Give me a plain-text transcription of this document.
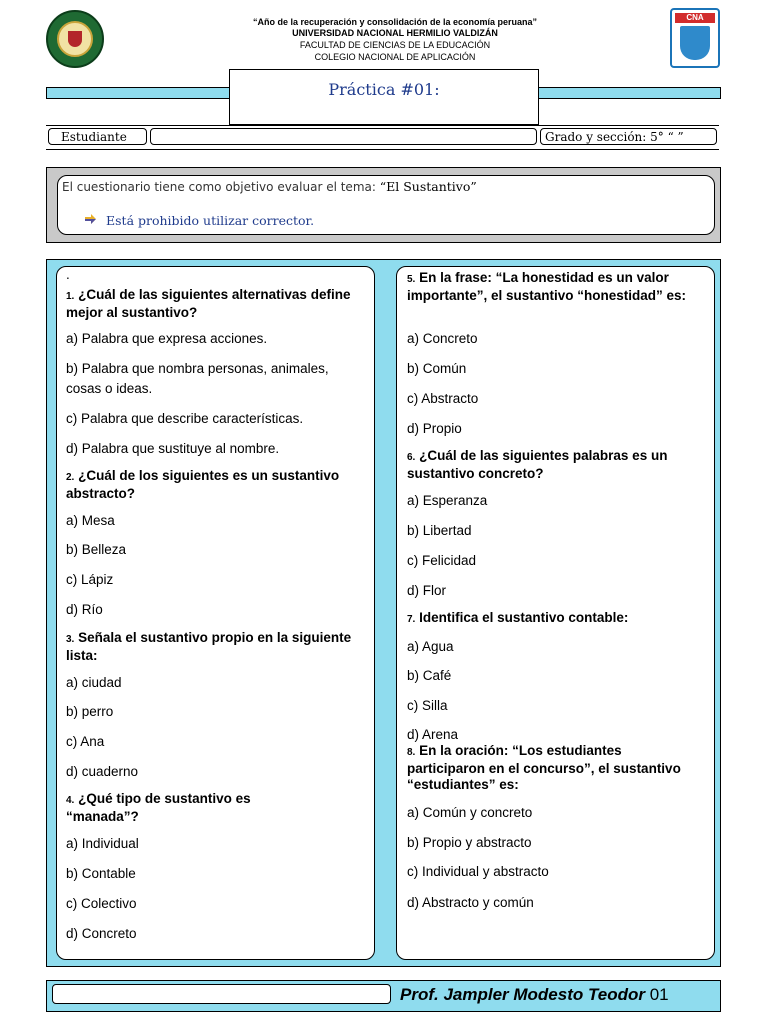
“Año de la recuperación y consolidación de la economía peruana”
UNIVERSIDAD NACIONAL HERMILIO VALDIZÁN
FACULTAD DE CIENCIAS DE LA EDUCACIÓN
COLEGIO NACIONAL DE APLICACIÓN
CNA
Práctica #01:
Estudiante	Grado y sección: 5° “ ”
El cuestionario tiene como objetivo evaluar el tema: “El Sustantivo”
Está prohibido utilizar corrector.
.
1. ¿Cuál de las siguientes alternativas define mejor al sustantivo?
a) Palabra que expresa acciones.
b) Palabra que nombra personas, animales, cosas o ideas.
c) Palabra que describe características.
d) Palabra que sustituye al nombre.
2. ¿Cuál de los siguientes es un sustantivo abstracto?
a) Mesa
b) Belleza
c) Lápiz
d) Río
3. Señala el sustantivo propio en la siguiente lista:
a) ciudad
b) perro
c) Ana
d) cuaderno
4. ¿Qué tipo de sustantivo es “manada”?
a) Individual
b) Contable
c) Colectivo
d) Concreto
5. En la frase: “La honestidad es un valor importante”, el sustantivo “honestidad” es:
a) Concreto
b) Común
c) Abstracto
d) Propio
6. ¿Cuál de las siguientes palabras es un sustantivo concreto?
a) Esperanza
b) Libertad
c) Felicidad
d) Flor
7. Identifica el sustantivo contable:
a) Agua
b) Café
c) Silla
d) Arena
8. En la oración: “Los estudiantes participaron en el concurso”, el sustantivo “estudiantes” es:
a) Común y concreto
b) Propio y abstracto
c) Individual y abstracto
d) Abstracto y común
Prof. Jampler Modesto Teodor 01
